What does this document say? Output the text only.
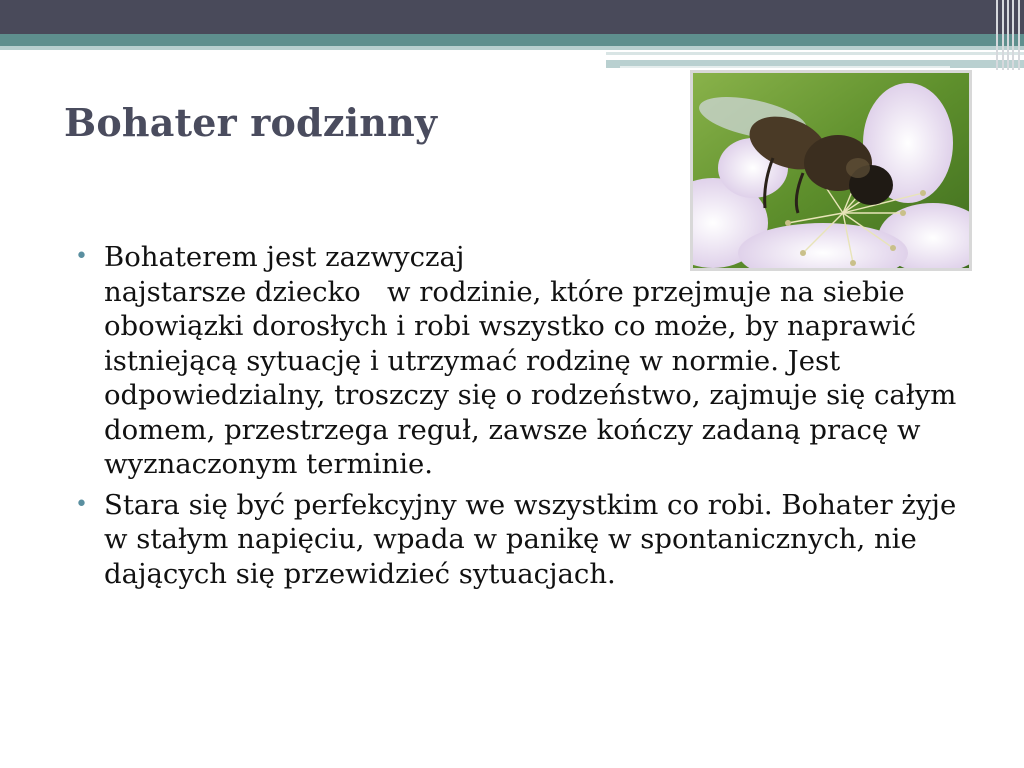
Bohater rodzinny
• Bohaterem jest zazwyczaj
najstarsze dziecko   w rodzinie, które przejmuje na siebie obowiązki dorosłych i robi wszystko co może, by naprawić istniejącą sytuację i utrzymać rodzinę w normie. Jest odpowiedzialny, troszczy się o rodzeństwo, zajmuje się całym domem, przestrzega reguł, zawsze kończy zadaną pracę w wyznaczonym terminie.
• Stara się być perfekcyjny we wszystkim co robi. Bohater żyje w stałym napięciu, wpada w panikę w spontanicznych, nie dających się przewidzieć sytuacjach.
